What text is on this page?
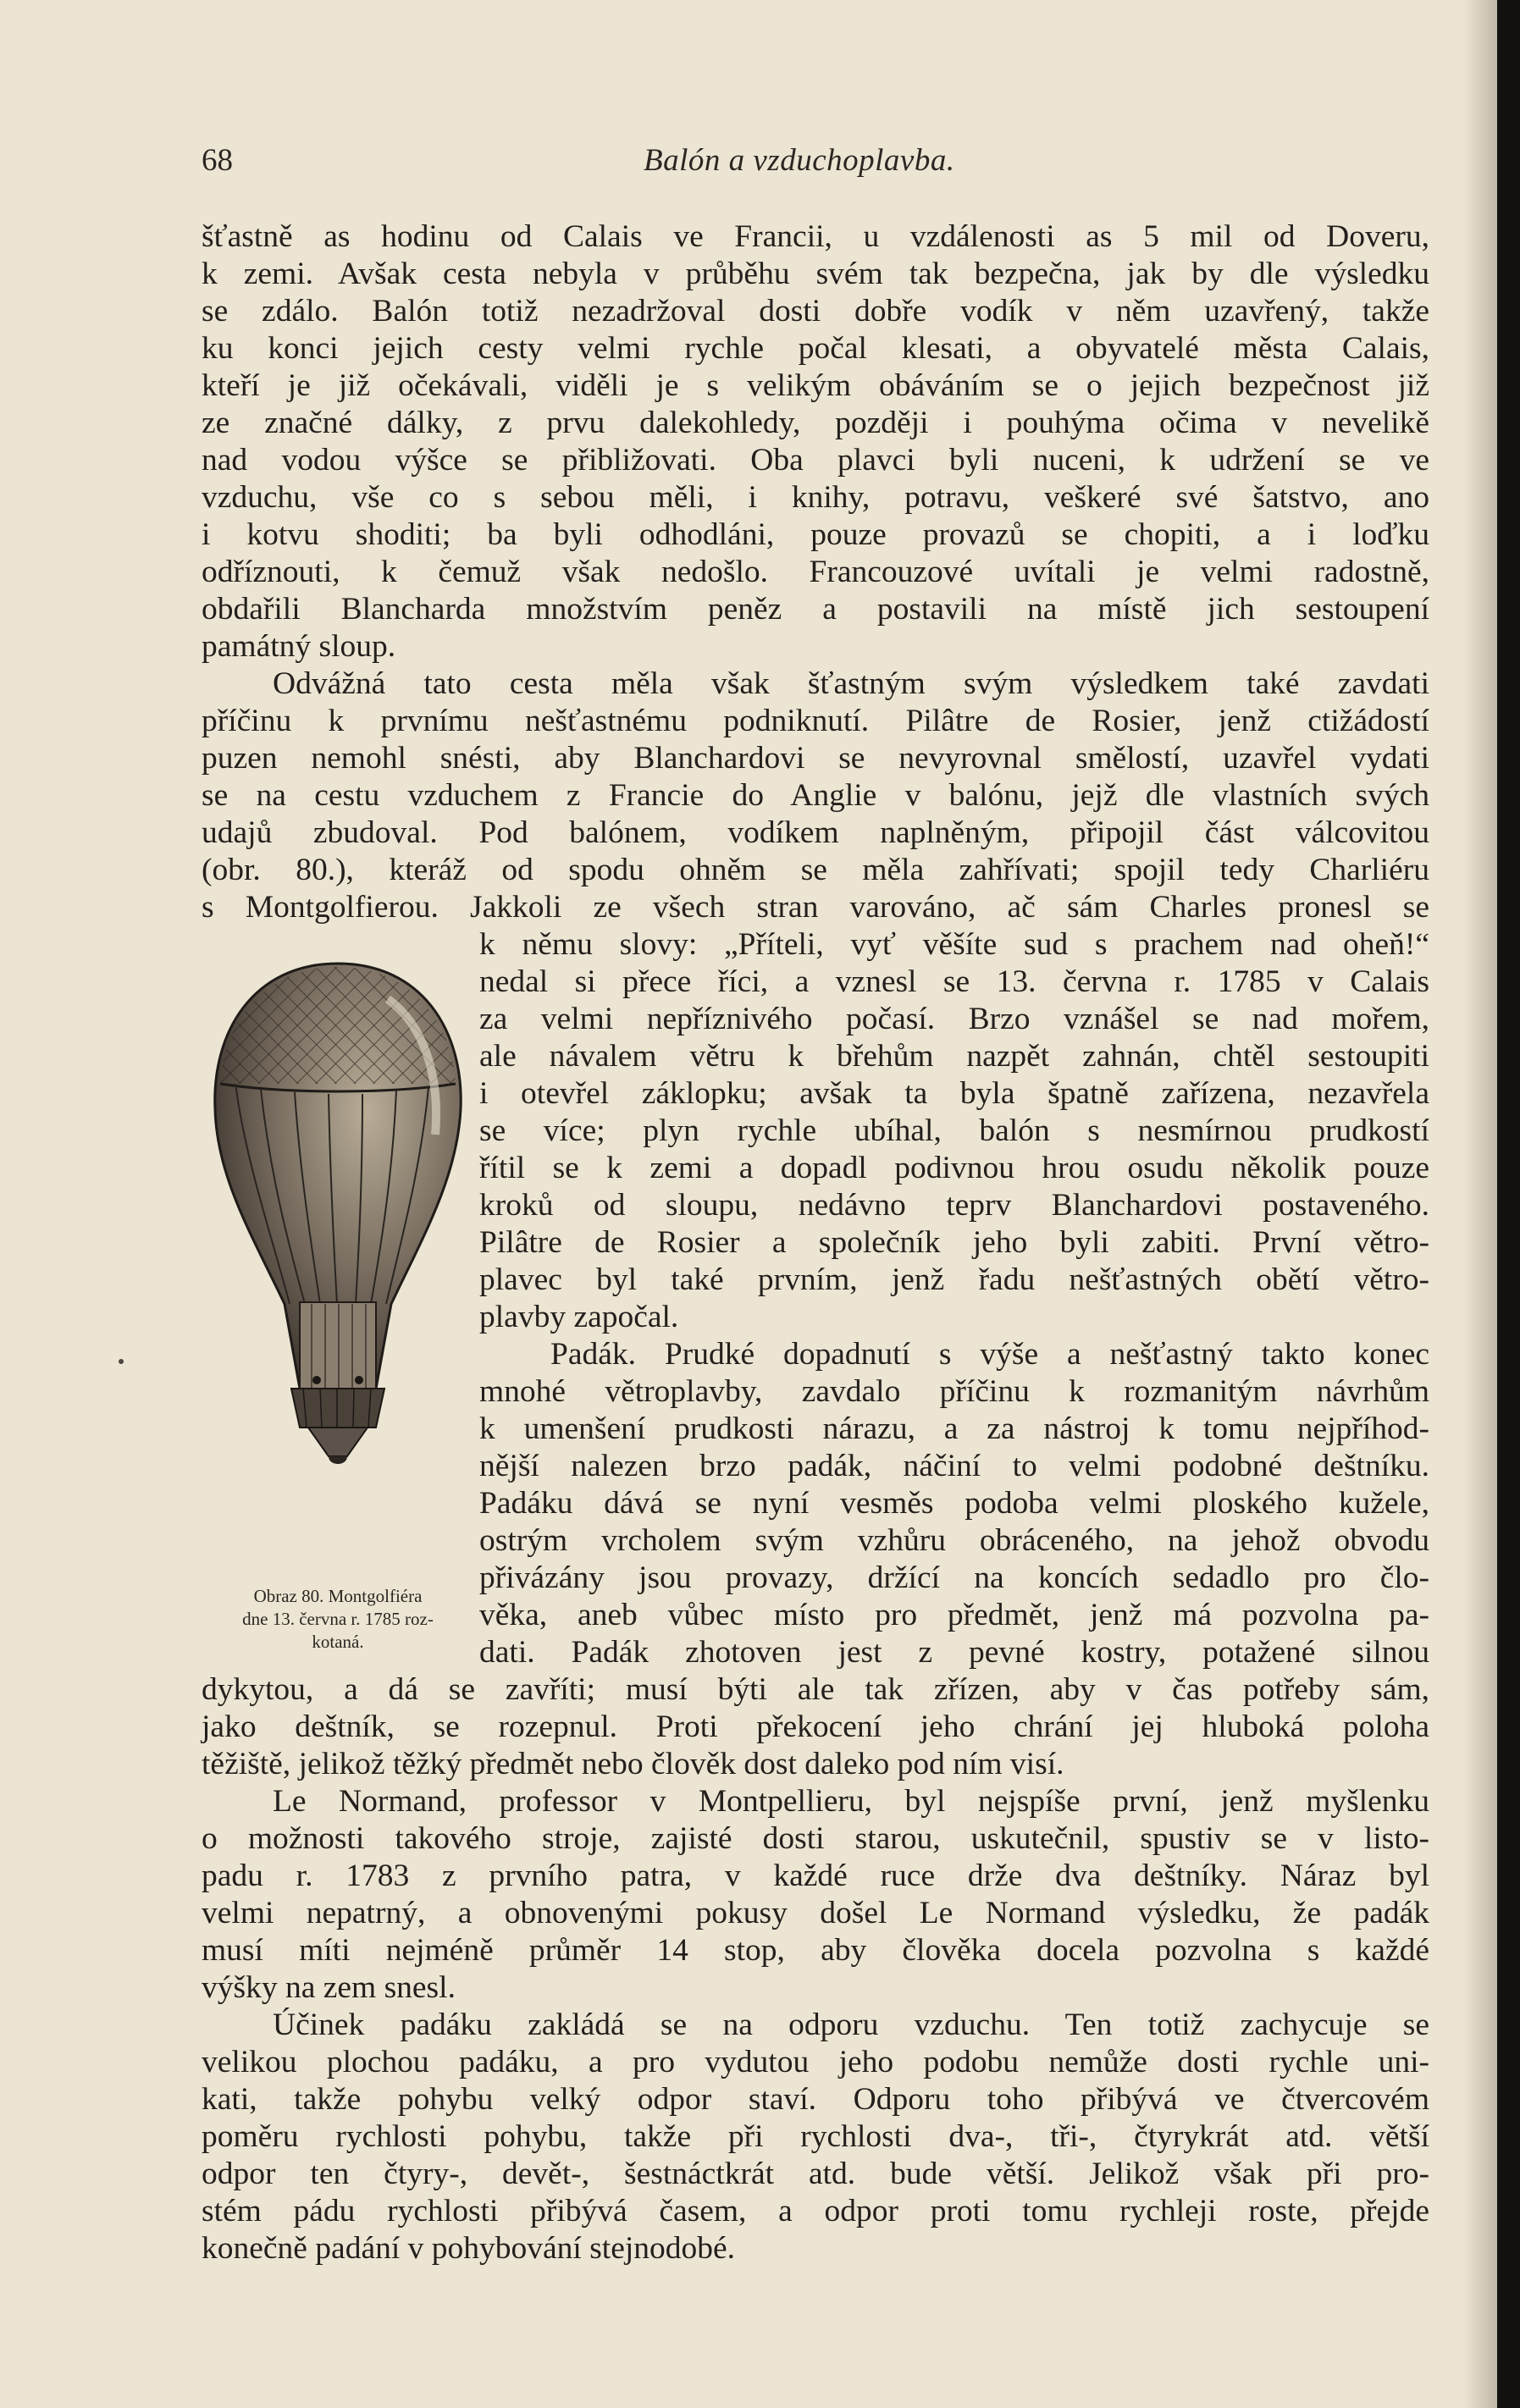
68	Balón a vzduchoplavba.
šťastně as hodinu od Calais ve Francii, u vzdálenosti as 5 mil od Doveru,
k zemi. Avšak cesta nebyla v průběhu svém tak bezpečna, jak by dle výsledku
se zdálo. Balón totiž nezadržoval dosti dobře vodík v něm uzavřený, takže
ku konci jejich cesty velmi rychle počal klesati, a obyvatelé města Calais,
kteří je již očekávali, viděli je s velikým obáváním se o jejich bezpečnost již
ze značné dálky, z prvu dalekohledy, později i pouhýma očima v nevelikě
nad vodou výšce se přibližovati. Oba plavci byli nuceni, k udržení se ve
vzduchu, vše co s sebou měli, i knihy, potravu, veškeré své šatstvo, ano
i kotvu shoditi; ba byli odhodláni, pouze provazů se chopiti, a i loďku
odříznouti, k čemuž však nedošlo. Francouzové uvítali je velmi radostně,
obdařili Blancharda množstvím peněz a postavili na místě jich sestoupení
památný sloup.
Odvážná tato cesta měla však šťastným svým výsledkem také zavdati
příčinu k prvnímu nešťastnému podniknutí. Pilâtre de Rosier, jenž ctižádostí
puzen nemohl snésti, aby Blanchardovi se nevyrovnal smělostí, uzavřel vydati
se na cestu vzduchem z Francie do Anglie v balónu, jejž dle vlastních svých
udajů zbudoval. Pod balónem, vodíkem naplněným, připojil část válcovitou
(obr. 80.), kteráž od spodu ohněm se měla zahřívati; spojil tedy Charliéru
s Montgolfierou. Jakkoli ze všech stran varováno, ač sám Charles pronesl se
Obraz 80. Montgolfiéra
dne 13. června r. 1785 roz-
kotaná.
k němu slovy: „Příteli, vyť věšíte sud s prachem nad oheň!“
nedal si přece říci, a vznesl se 13. června r. 1785 v Calais
za velmi nepříznivého počasí. Brzo vznášel se nad mořem,
ale návalem větru k břehům nazpět zahnán, chtěl sestoupiti
i otevřel záklopku; avšak ta byla špatně zařízena, nezavřela
se více; plyn rychle ubíhal, balón s nesmírnou prudkostí
řítil se k zemi a dopadl podivnou hrou osudu několik pouze
kroků od sloupu, nedávno teprv Blanchardovi postaveného.
Pilâtre de Rosier a společník jeho byli zabiti. První větro-
plavec byl také prvním, jenž řadu nešťastných obětí větro-
plavby započal.
Padák. Prudké dopadnutí s výše a nešťastný takto konec
mnohé větroplavby, zavdalo příčinu k rozmanitým návrhům
k umenšení prudkosti nárazu, a za nástroj k tomu nejpříhod-
nější nalezen brzo padák, náčiní to velmi podobné deštníku.
Padáku dává se nyní vesměs podoba velmi ploského kužele,
ostrým vrcholem svým vzhůru obráceného, na jehož obvodu
přivázány jsou provazy, držící na koncích sedadlo pro člo-
věka, aneb vůbec místo pro předmět, jenž má pozvolna pa-
dati. Padák zhotoven jest z pevné kostry, potažené silnou
dykytou, a dá se zavříti; musí býti ale tak zřízen, aby v čas potřeby sám,
jako deštník, se rozepnul. Proti překocení jeho chrání jej hluboká poloha
těžiště, jelikož těžký předmět nebo člověk dost daleko pod ním visí.
Le Normand, professor v Montpellieru, byl nejspíše první, jenž myšlenku
o možnosti takového stroje, zajisté dosti starou, uskutečnil, spustiv se v listo-
padu r. 1783 z prvního patra, v každé ruce drže dva deštníky. Náraz byl
velmi nepatrný, a obnovenými pokusy došel Le Normand výsledku, že padák
musí míti nejméně průměr 14 stop, aby člověka docela pozvolna s každé
výšky na zem snesl.
Účinek padáku zakládá se na odporu vzduchu. Ten totiž zachycuje se
velikou plochou padáku, a pro vydutou jeho podobu nemůže dosti rychle uni-
kati, takže pohybu velký odpor staví. Odporu toho přibývá ve čtvercovém
poměru rychlosti pohybu, takže při rychlosti dva-, tři-, čtyrykrát atd. větší
odpor ten čtyry-, devět-, šestnáctkrát atd. bude větší. Jelikož však při pro-
stém pádu rychlosti přibývá časem, a odpor proti tomu rychleji roste, přejde
konečně padání v pohybování stejnodobé.
